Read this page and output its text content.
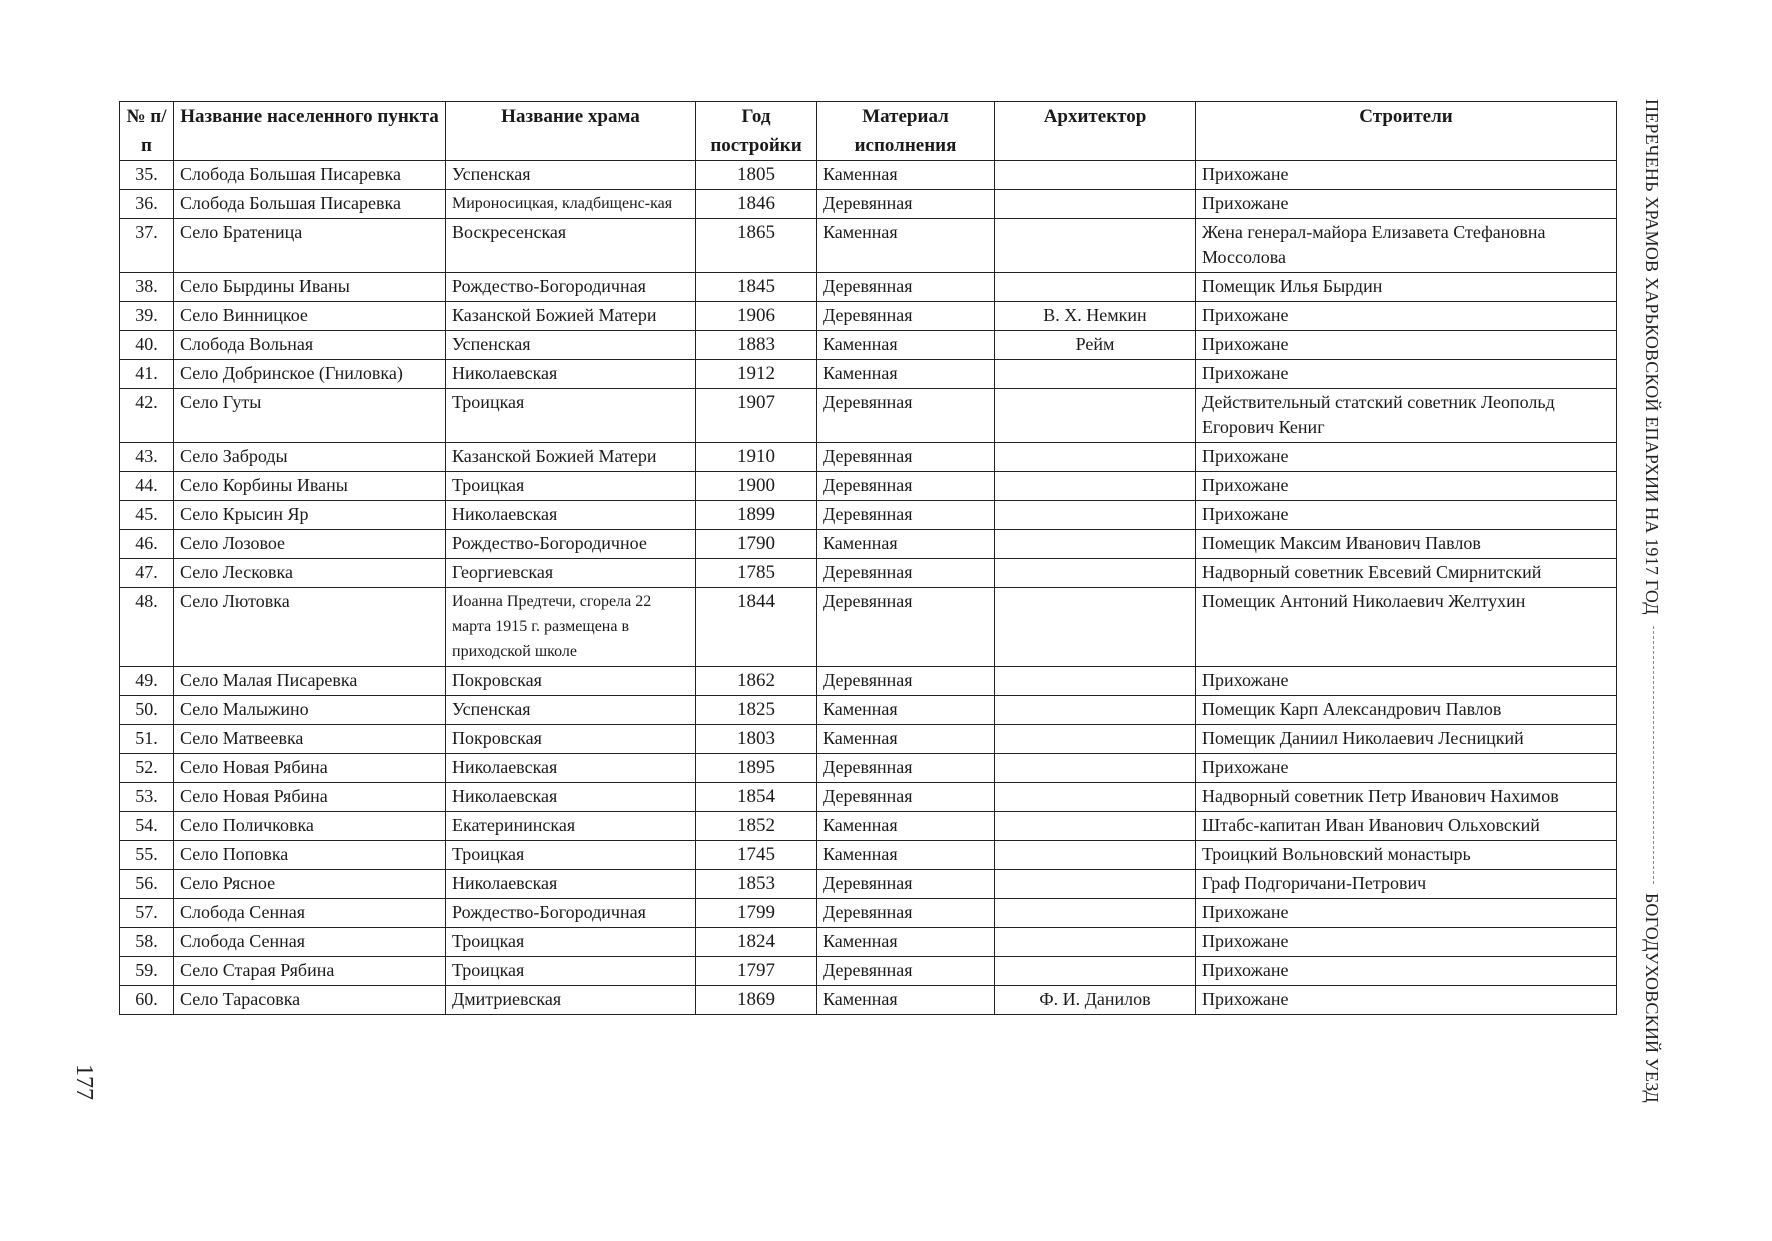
№ п/п	Название населенного пункта	Название храма	Год постройки	Материал исполнения	Архитектор	Строители
35.	Слобода Большая Писаревка	Успенская	1805	Каменная		Прихожане
36.	Слобода Большая Писаревка	Мироносицкая, кладбищенс-кая	1846	Деревянная		Прихожане
37.	Село Братеница	Воскресенская	1865	Каменная		Жена генерал-майора Елизавета Стефановна Моссолова
38.	Село Бырдины Иваны	Рождество-Богородичная	1845	Деревянная		Помещик Илья Бырдин
39.	Село Винницкое	Казанской Божией Матери	1906	Деревянная	В. Х. Немкин	Прихожане
40.	Слобода Вольная	Успенская	1883	Каменная	Рейм	Прихожане
41.	Село Добринское (Гниловка)	Николаевская	1912	Каменная		Прихожане
42.	Село Гуты	Троицкая	1907	Деревянная		Действительный статский советник Леопольд Егорович Кениг
43.	Село Заброды	Казанской Божией Матери	1910	Деревянная		Прихожане
44.	Село Корбины Иваны	Троицкая	1900	Деревянная		Прихожане
45.	Село Крысин Яр	Николаевская	1899	Деревянная		Прихожане
46.	Село Лозовое	Рождество-Богородичное	1790	Каменная		Помещик Максим Иванович Павлов
47.	Село Лесковка	Георгиевская	1785	Деревянная		Надворный советник Евсевий Смирнитский
48.	Село Лютовка	Иоанна Предтечи, сгорела 22 марта 1915 г. размещена в приходской школе	1844	Деревянная		Помещик Антоний Николаевич Желтухин
49.	Село Малая Писаревка	Покровская	1862	Деревянная		Прихожане
50.	Село Малыжино	Успенская	1825	Каменная		Помещик Карп Александрович Павлов
51.	Село Матвеевка	Покровская	1803	Каменная		Помещик Даниил Николаевич Лесницкий
52.	Село Новая Рябина	Николаевская	1895	Деревянная		Прихожане
53.	Село Новая Рябина	Николаевская	1854	Деревянная		Надворный советник Петр Иванович Нахимов
54.	Село Поличковка	Екатерининская	1852	Каменная		Штабс-капитан Иван Иванович Ольховский
55.	Село Поповка	Троицкая	1745	Каменная		Троицкий Вольновский монастырь
56.	Село Рясное	Николаевская	1853	Деревянная		Граф Подгоричани-Петрович
57.	Слобода Сенная	Рождество-Богородичная	1799	Деревянная		Прихожане
58.	Слобода Сенная	Троицкая	1824	Каменная		Прихожане
59.	Село Старая Рябина	Троицкая	1797	Деревянная		Прихожане
60.	Село Тарасовка	Дмитриевская	1869	Каменная	Ф. И. Данилов	Прихожане
ПЕРЕЧЕНЬ ХРАМОВ ХАРЬКОВСКОЙ ЕПАРХИИ НА 1917 ГОД
БОГОДУХОВСКИЙ УЕЗД
177
